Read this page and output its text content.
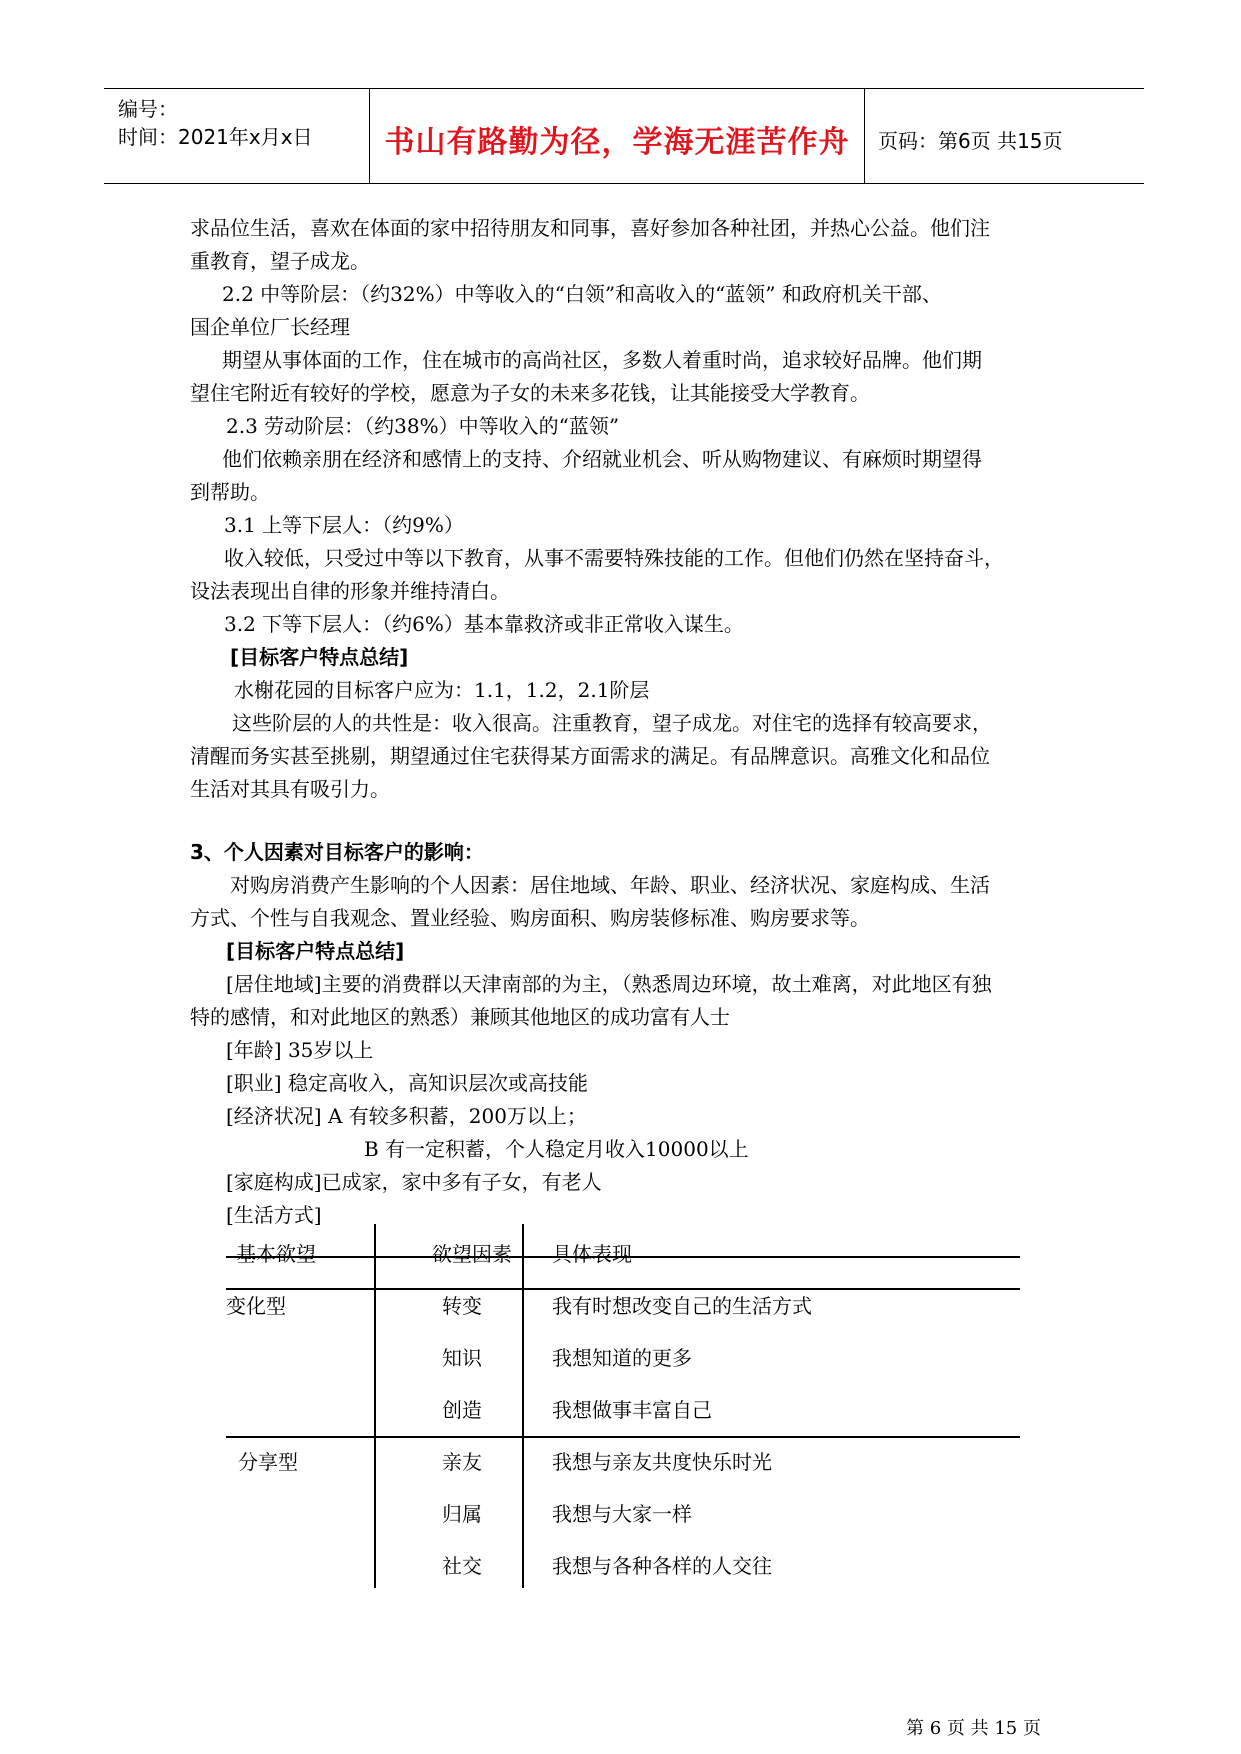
编号：
时间：2021年x月x日	书山有路勤为径，学海无涯苦作舟	页码：第6页 共15页
求品位生活，喜欢在体面的家中招待朋友和同事，喜好参加各种社团，并热心公益。他们注
重教育，望子成龙。
2.2 中等阶层：（约32%）中等收入的“白领”和高收入的“蓝领” 和政府机关干部、
国企单位厂长经理
期望从事体面的工作，住在城市的高尚社区，多数人着重时尚，追求较好品牌。他们期
望住宅附近有较好的学校，愿意为子女的未来多花钱，让其能接受大学教育。
2.3 劳动阶层：（约38%）中等收入的“蓝领”
他们依赖亲朋在经济和感情上的支持、介绍就业机会、听从购物建议、有麻烦时期望得
到帮助。
3.1 上等下层人：（约9%）
收入较低，只受过中等以下教育，从事不需要特殊技能的工作。但他们仍然在坚持奋斗，
设法表现出自律的形象并维持清白。
3.2 下等下层人：（约6%）基本靠救济或非正常收入谋生。
[目标客户特点总结]
水榭花园的目标客户应为：1.1，1.2，2.1阶层
这些阶层的人的共性是：收入很高。注重教育，望子成龙。对住宅的选择有较高要求，
清醒而务实甚至挑剔，期望通过住宅获得某方面需求的满足。有品牌意识。高雅文化和品位
生活对其具有吸引力。
3、个人因素对目标客户的影响：
对购房消费产生影响的个人因素：居住地域、年龄、职业、经济状况、家庭构成、生活
方式、个性与自我观念、置业经验、购房面积、购房装修标准、购房要求等。
[目标客户特点总结]
[居住地域]主要的消费群以天津南部的为主，（熟悉周边环境，故土难离，对此地区有独
特的感情，和对此地区的熟悉）兼顾其他地区的成功富有人士
[年龄] 35岁以上
[职业] 稳定高收入，高知识层次或高技能
[经济状况] A 有较多积蓄，200万以上；
B 有一定积蓄，个人稳定月收入10000以上
[家庭构成]已成家，家中多有子女，有老人
[生活方式]
基本欲望	欲望因素 具体表现
变化型	转变	我有时想改变自己的生活方式
知识	我想知道的更多
创造	我想做事丰富自己
分享型	亲友	我想与亲友共度快乐时光
归属	我想与大家一样
社交	我想与各种各样的人交往
第 6 页 共 15 页
